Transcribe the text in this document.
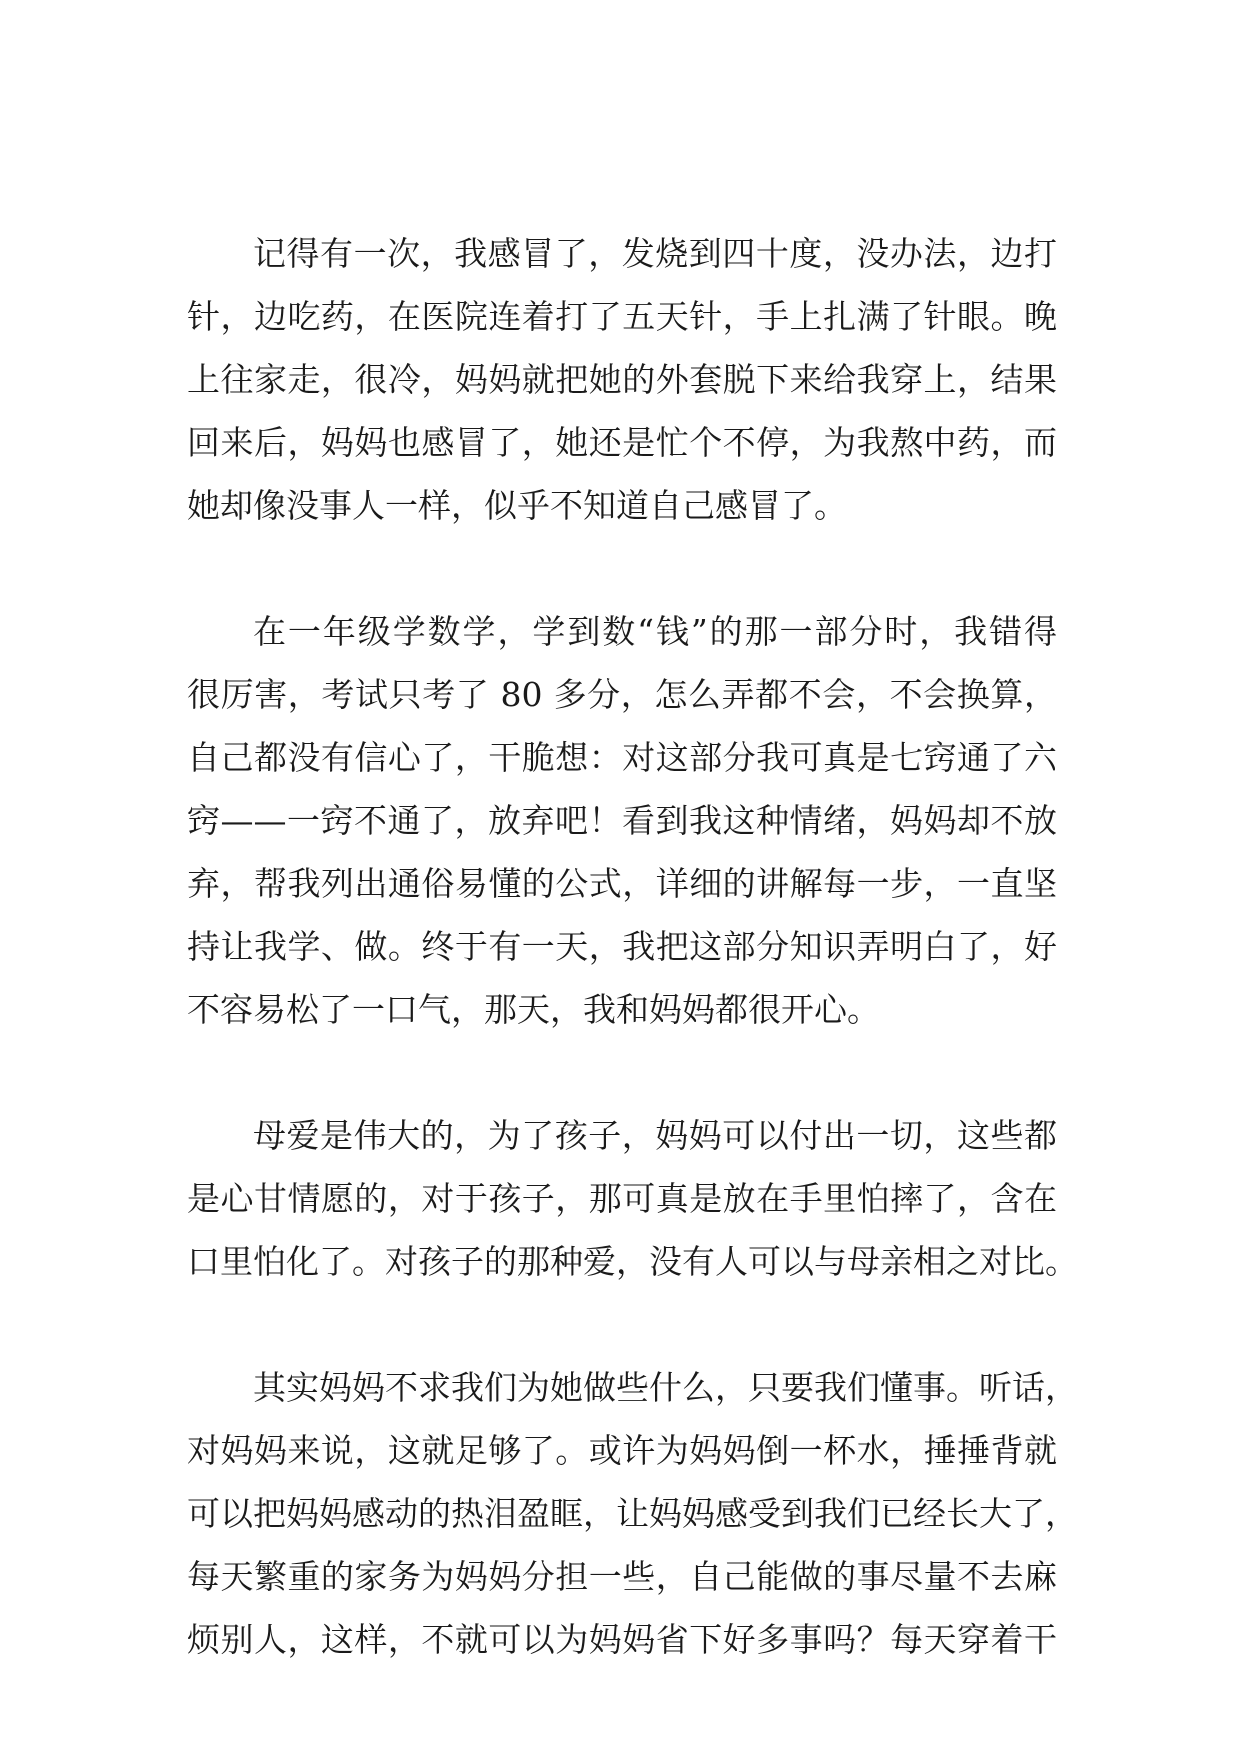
记得有一次，我感冒了，发烧到四十度，没办法，边打
针，边吃药，在医院连着打了五天针，手上扎满了针眼。晚
上往家走，很冷，妈妈就把她的外套脱下来给我穿上，结果
回来后，妈妈也感冒了，她还是忙个不停，为我熬中药，而
她却像没事人一样，似乎不知道自己感冒了。
在一年级学数学，学到数“钱”的那一部分时，我错得
很厉害，考试只考了 80 多分，怎么弄都不会，不会换算，
自己都没有信心了，干脆想：对这部分我可真是七窍通了六
窍——一窍不通了，放弃吧！看到我这种情绪，妈妈却不放
弃，帮我列出通俗易懂的公式，详细的讲解每一步，一直坚
持让我学、做。终于有一天，我把这部分知识弄明白了，好
不容易松了一口气，那天，我和妈妈都很开心。
母爱是伟大的，为了孩子，妈妈可以付出一切，这些都
是心甘情愿的，对于孩子，那可真是放在手里怕摔了，含在
口里怕化了。对孩子的那种爱，没有人可以与母亲相之对比。
其实妈妈不求我们为她做些什么，只要我们懂事。听话，
对妈妈来说，这就足够了。或许为妈妈倒一杯水，捶捶背就
可以把妈妈感动的热泪盈眶，让妈妈感受到我们已经长大了，
每天繁重的家务为妈妈分担一些，自己能做的事尽量不去麻
烦别人，这样，不就可以为妈妈省下好多事吗？每天穿着干
